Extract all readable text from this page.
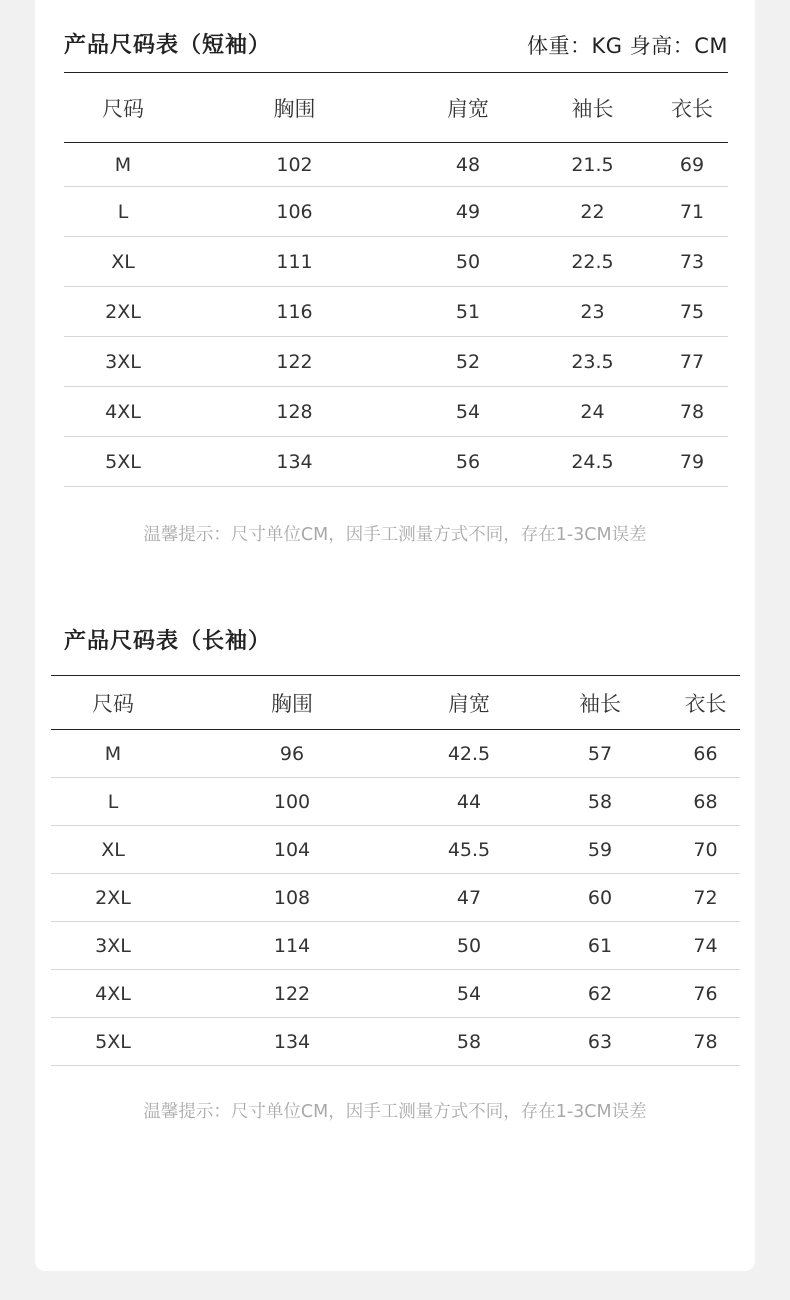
产品尺码表（短袖）	体重：KG 身高：CM
尺码	胸围	肩宽	袖长	衣长
M	102	48	21.5	69
L	106	49	22	71
XL	111	50	22.5	73
2XL	116	51	23	75
3XL	122	52	23.5	77
4XL	128	54	24	78
5XL	134	56	24.5	79
温馨提示：尺寸单位CM，因手工测量方式不同，存在1-3CM误差
产品尺码表（长袖）
尺码	胸围	肩宽	袖长	衣长
M	96	42.5	57	66
L	100	44	58	68
XL	104	45.5	59	70
2XL	108	47	60	72
3XL	114	50	61	74
4XL	122	54	62	76
5XL	134	58	63	78
温馨提示：尺寸单位CM，因手工测量方式不同，存在1-3CM误差
